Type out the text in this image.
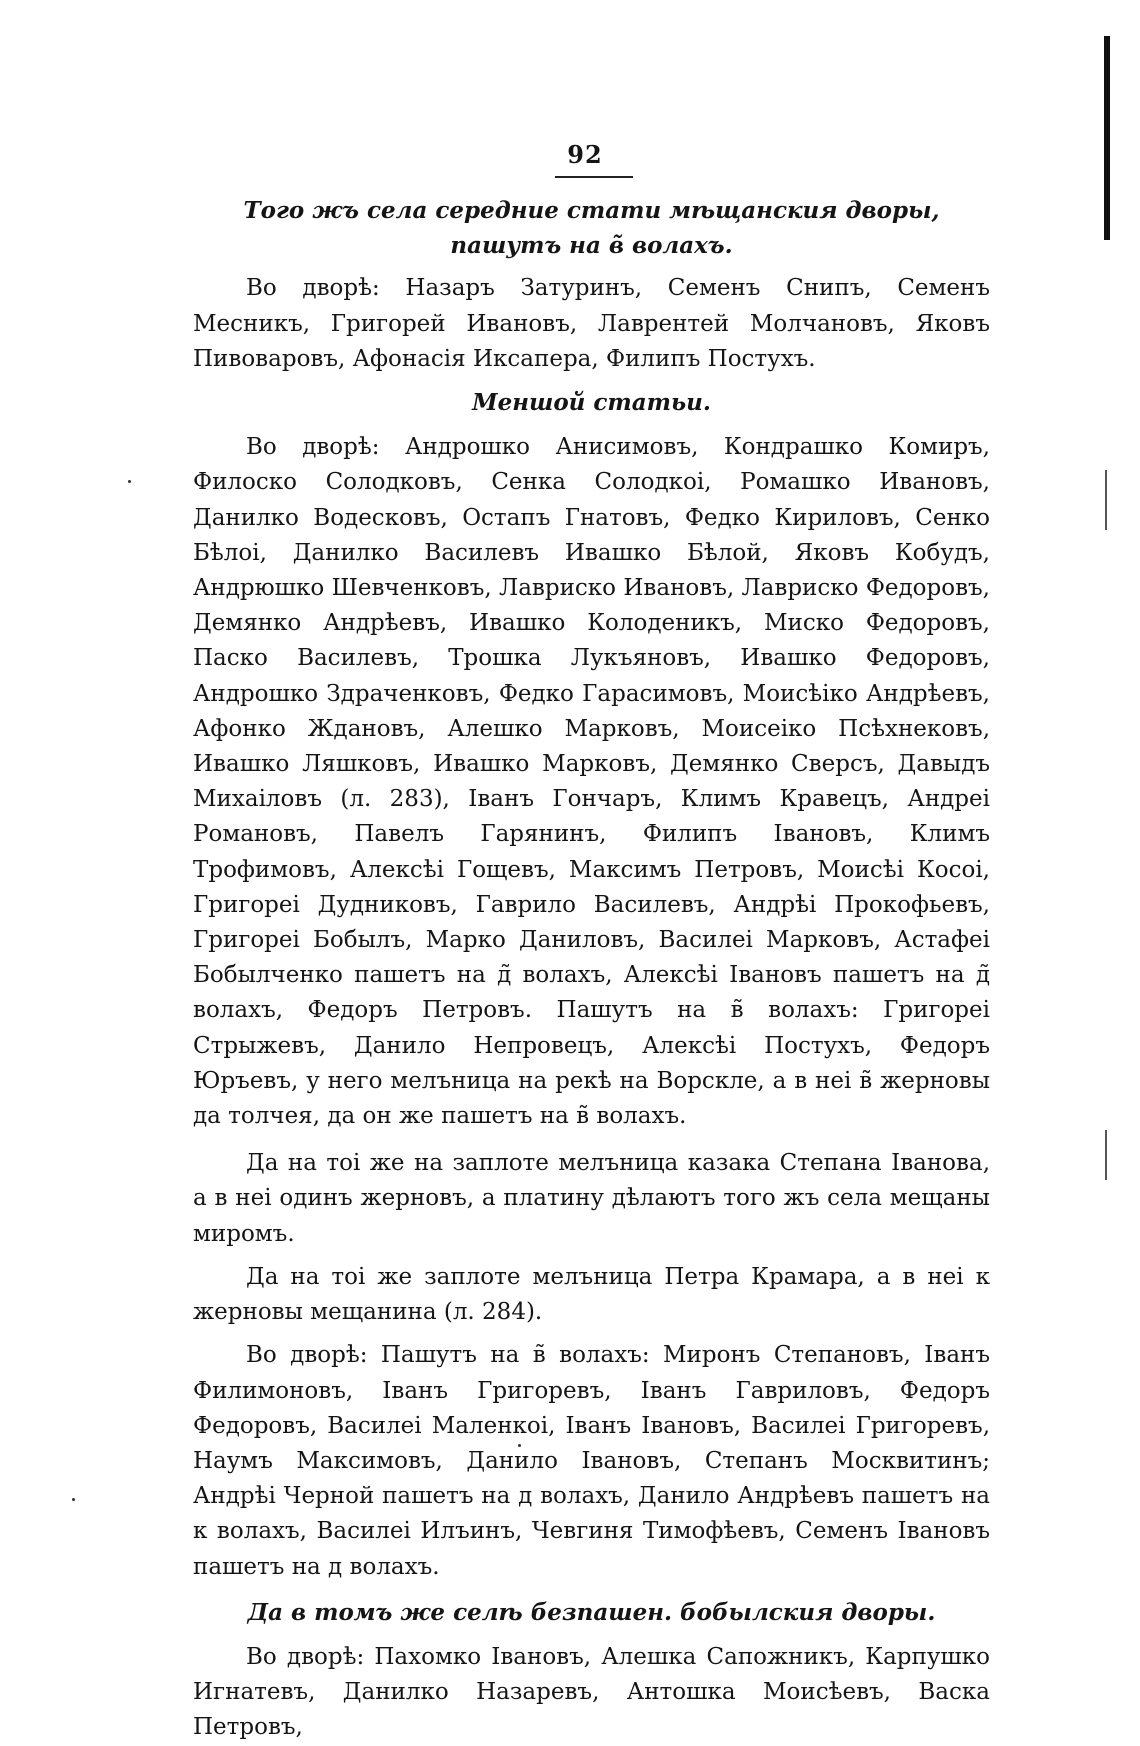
92

Того жъ села середние стати мѣщанския дворы, пашутъ на в̃ волахъ.

Во дворѣ: Назаръ Затуринъ, Семенъ Снипъ, Семенъ Месникъ, Григорей Ивановъ, Лаврентей Молчановъ, Яковъ Пивоваровъ, Афонасія Иксапера, Филипъ Постухъ.

Меншой статьи.

Во дворѣ: Андрошко Анисимовъ, Кондрашко Комиръ, Филоско Солодковъ, Сенка Солодкоі, Ромашко Ивановъ, Данилко Водесковъ, Остапъ Гнатовъ, Федко Кириловъ, Сенко Бѣлоі, Данилко Василевъ Ивашко Бѣлой, Яковъ Кобудъ, Андрюшко Шевченковъ, Лавриско Ивановъ, Лавриско Федоровъ, Демянко Андрѣевъ, Ивашко Колоденикъ, Миско Федоровъ, Паско Василевъ, Трошка Лукъяновъ, Ивашко Федоровъ, Андрошко Здраченковъ, Федко Гарасимовъ, Моисѣiко Андрѣевъ, Афонко Ждановъ, Алешко Марковъ, Моисеiко Псѣхнековъ, Ивашко Ляшковъ, Ивашко Марковъ, Демянко Сверсъ, Давыдъ Михаiловъ (л. 283), Iванъ Гончаръ, Климъ Кравецъ, Андреi Романовъ, Павелъ Гарянинъ, Филипъ Iвановъ, Климъ Трофимовъ, Алексѣi Гощевъ, Максимъ Петровъ, Моисѣi Косоi, Григореi Дудниковъ, Гаврило Василевъ, Андрѣi Прокофьевъ, Григореi Бобылъ, Марко Даниловъ, Василеi Марковъ, Астафеi Бобылченко пашетъ на д̃ волахъ, Алексѣi Iвановъ пашетъ на д̃ волахъ, Федоръ Петровъ. Пашутъ на в̃ волахъ: Григореi Стрыжевъ, Данило Непровецъ, Алексѣi Постухъ, Федоръ Юръевъ, у него мелъница на рекѣ на Ворскле, а в неi в̃ жерновы да толчея, да он же пашетъ на в̃ волахъ.

Да на тоi же на заплоте мелъница казака Степана Iванова, а в неi одинъ жерновъ, а платину дѣлаютъ того жъ села мещаны миромъ.

Да на тоi же заплоте мелъница Петра Крамара, а в неi к жерновы мещанина (л. 284).

Во дворѣ: Пашутъ на в̃ волахъ: Миронъ Степановъ, Iванъ Филимоновъ, Iванъ Григоревъ, Iванъ Гавриловъ, Федоръ Федоровъ, Василеi Маленкоi, Iванъ Iвановъ, Василеi Григоревъ, Наумъ Максимовъ, Данило Iвановъ, Степанъ Москвитинъ; Андрѣi Черной пашетъ на д волахъ, Данило Андрѣевъ пашетъ на к волахъ, Василеi Илъинъ, Чевгиня Тимофѣевъ, Семенъ Iвановъ пашетъ на д волахъ.

Да в томъ же селѣ безпашен. бобылския дворы.

Во дворѣ: Пахомко Iвановъ, Алешка Сапожникъ, Карпушко Игнатевъ, Данилко Назаревъ, Антошка Моисѣевъ, Васка Петровъ,
